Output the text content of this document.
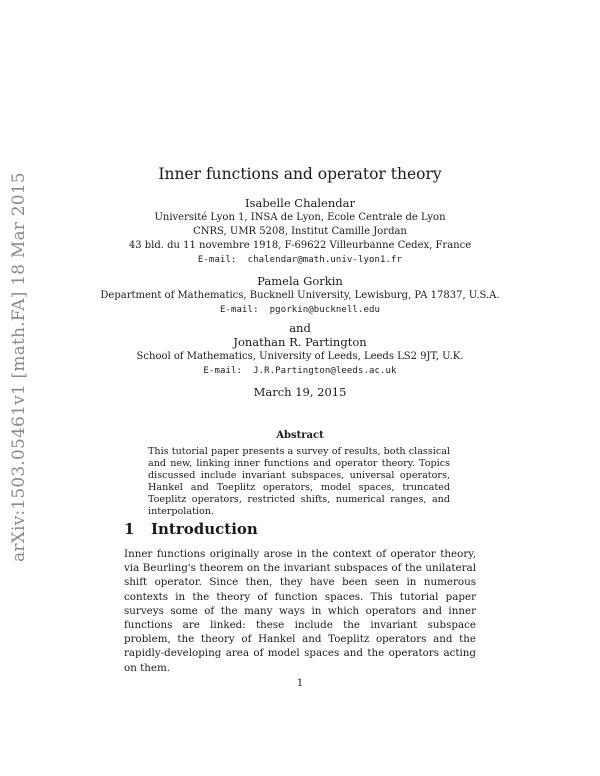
arXiv:1503.05461v1 [math.FA] 18 Mar 2015	Inner functions and operator theory
Isabelle Chalendar
Université Lyon 1, INSA de Lyon, Ecole Centrale de Lyon
CNRS, UMR 5208, Institut Camille Jordan
43 bld. du 11 novembre 1918, F-69622 Villeurbanne Cedex, France
E-mail: chalendar@math.univ-lyon1.fr
Pamela Gorkin
Department of Mathematics, Bucknell University, Lewisburg, PA 17837, U.S.A.
E-mail: pgorkin@bucknell.edu
and
Jonathan R. Partington
School of Mathematics, University of Leeds, Leeds LS2 9JT, U.K.
E-mail: J.R.Partington@leeds.ac.uk
March 19, 2015
Abstract
This tutorial paper presents a survey of results, both classical and new, linking inner functions and operator theory. Topics discussed include invariant subspaces, universal operators, Hankel and Toeplitz operators, model spaces, truncated Toeplitz operators, restricted shifts, numerical ranges, and interpolation.
1 Introduction
Inner functions originally arose in the context of operator theory, via Beurling's theorem on the invariant subspaces of the unilateral shift operator. Since then, they have been seen in numerous contexts in the theory of function spaces. This tutorial paper surveys some of the many ways in which operators and inner functions are linked: these include the invariant subspace problem, the theory of Hankel and Toeplitz operators and the rapidly-developing area of model spaces and the operators acting on them.
1
